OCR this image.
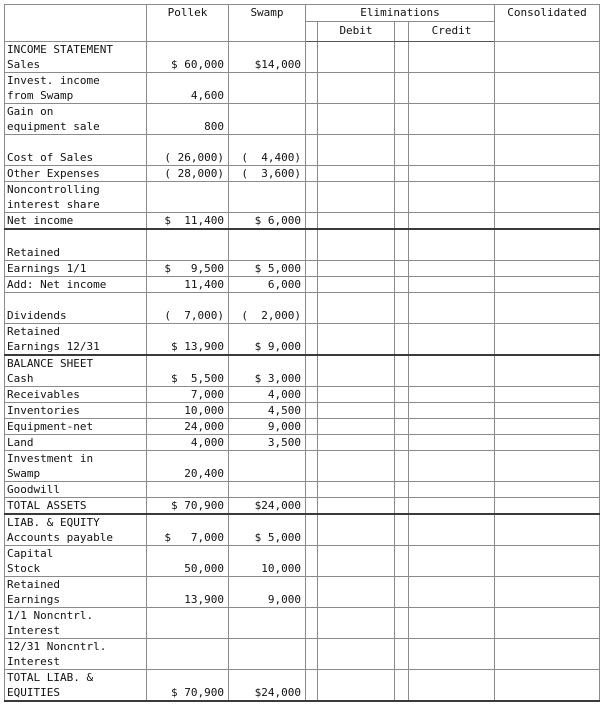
	Pollek	Swamp	Eliminations				Consolidated
				Debit		Credit	

INCOME STATEMENT
Sales	$ 60,000	$14,000					

Invest. income
from Swamp	4,600						

Gain on
equipment sale	800						

Cost of Sales	( 26,000)	(  4,400)					

Other Expenses	( 28,000)	(  3,600)					

Noncontrolling
interest share							

Net income	$  11,400	$ 6,000					

Retained							

Earnings 1/1	$   9,500	$ 5,000					

Add: Net income	11,400	6,000					

Dividends	(  7,000)	(  2,000)					

Retained
Earnings 12/31	$ 13,900	$ 9,000					

BALANCE SHEET
Cash	$  5,500	$ 3,000					

Receivables	7,000	4,000					

Inventories	10,000	4,500					

Equipment-net	24,000	9,000					

Land	4,000	3,500					

Investment in
Swamp	20,400						

Goodwill							

TOTAL ASSETS	$ 70,900	$24,000					

LIAB. & EQUITY
Accounts payable	$   7,000	$ 5,000					

Capital
Stock	50,000	10,000					

Retained
Earnings	13,900	9,000					

1/1 Noncntrl.
Interest							

12/31 Noncntrl.
Interest							

TOTAL LIAB. &
EQUITIES	$ 70,900	$24,000					
